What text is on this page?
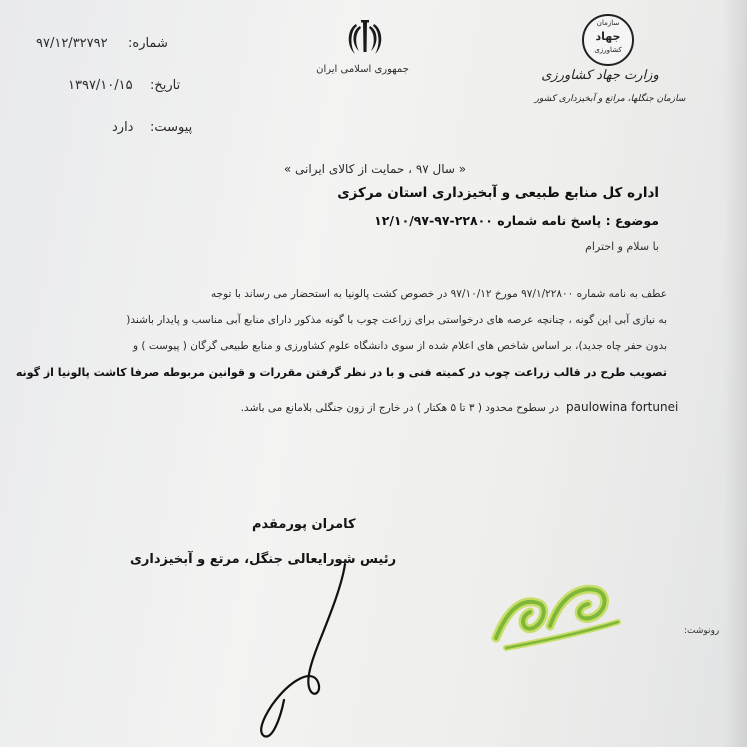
شماره:
۹۷/۱۲/۳۲۷۹۲
تاریخ:
۱۳۹۷/۱۰/۱۵
پیوست:
دارد
جمهوری اسلامی ایران
سازمان
جهاد
کشاورزی
وزارت جهاد کشاورزی
سازمان جنگلها، مراتع و آبخیزداری کشور
« سال ۹۷ ، حمایت از کالای ایرانی »
اداره کل منابع طبیعی و آبخیزداری استان مرکزی
موضوع : پاسخ نامه شماره ۲۲۸۰۰-۹۷-۱۲/۱۰/۹۷
با سلام و احترام
عطف به نامه شماره ۹۷/۱/۲۲۸۰۰ مورخ ۹۷/۱۰/۱۲ در خصوص کشت پالونیا به استحضار می رساند با توجه
به نیازی آبی این گونه ، چنانچه عرصه های درخواستی برای زراعت چوب با گونه مذکور دارای منابع آبی مناسب و پایدار باشند(
بدون حفر چاه جدید)، بر اساس شاخص های اعلام شده از سوی دانشگاه علوم کشاورزی و منابع طبیعی گرگان ( پیوست ) و
تصویب طرح در قالب زراعت چوب در کمیته فنی و با در نظر گرفتن مقررات و قوانین مربوطه صرفا کاشت پالونیا از گونه
در سطوح محدود ( ۳ تا ۵ هکتار ) در خارج از زون جنگلی بلامانع می باشد. paulowina fortunei
کامران پورمقدم
رئیس شورایعالی جنگل، مرتع و آبخیزداری
رونوشت:
